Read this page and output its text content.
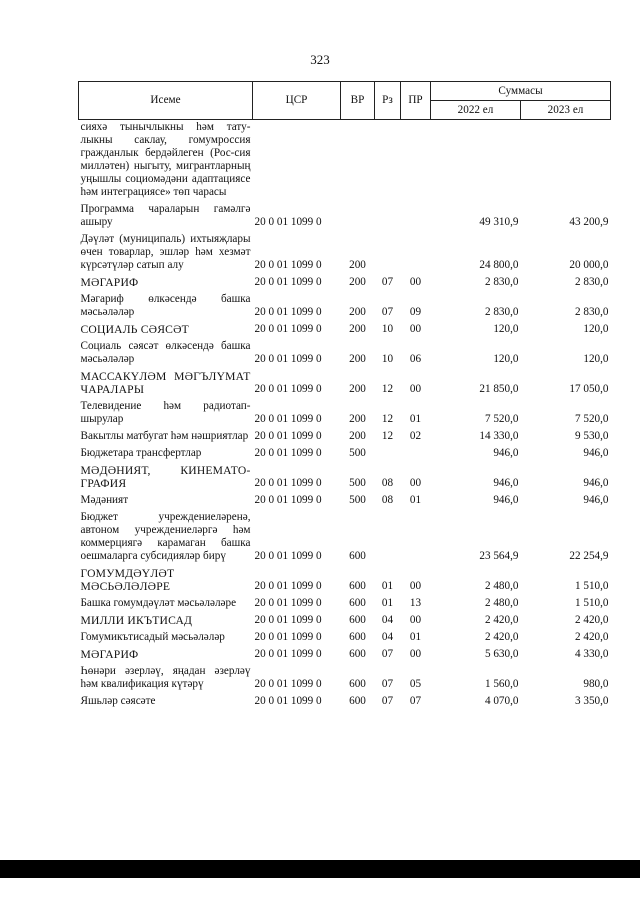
323
Исеме	ЦСР	ВР	Рз	ПР	Суммасы	
					2022 ел	2023 ел
сияхә тынычлыкны һәм тату-лыкны саклау, гомумроссия гражданлык бердәйлеген (Рос-сия милләтен) ныгыту, мигрантларның уңышлы социомәдәни адаптациясе һәм интеграциясе» төп чарасы						
Программа чараларын гамәлгә ашыру	20 0 01 1099 0				49 310,9	43 200,9
Дәүләт (муниципаль) ихтыяҗлары өчен товарлар, эшләр һәм хезмәт күрсәтүләр сатып алу	20 0 01 1099 0	200			24 800,0	20 000,0
МӘГАРИФ	20 0 01 1099 0	200	07	00	2 830,0	2 830,0
Мәгариф өлкәсендә башка мәсьәләләр	20 0 01 1099 0	200	07	09	2 830,0	2 830,0
СОЦИАЛЬ СӘЯСӘТ	20 0 01 1099 0	200	10	00	120,0	120,0
Социаль сәясәт өлкәсендә башка мәсьәләләр	20 0 01 1099 0	200	10	06	120,0	120,0
МАССАКҮЛӘМ МӘГЪЛҮМАТ ЧАРАЛАРЫ	20 0 01 1099 0	200	12	00	21 850,0	17 050,0
Телевидение һәм радиотап-шырулар	20 0 01 1099 0	200	12	01	7 520,0	7 520,0
Вакытлы матбугат һәм нәшриятлар	20 0 01 1099 0	200	12	02	14 330,0	9 530,0
Бюджетара трансфертлар	20 0 01 1099 0	500			946,0	946,0
МӘДӘНИЯТ, КИНЕМАТО-ГРАФИЯ	20 0 01 1099 0	500	08	00	946,0	946,0
Мәдәният	20 0 01 1099 0	500	08	01	946,0	946,0
Бюджет учреждениеләренә, автоном учреждениеләргә һәм коммерциягә карамаган башка оешмаларга субсидияләр бирү	20 0 01 1099 0	600			23 564,9	22 254,9
ГОМУМДӘҮЛӘТ МӘСЬӘЛӘЛӘРЕ	20 0 01 1099 0	600	01	00	2 480,0	1 510,0
Башка гомумдәүләт мәсьәләләре	20 0 01 1099 0	600	01	13	2 480,0	1 510,0
МИЛЛИ ИКЪТИСАД	20 0 01 1099 0	600	04	00	2 420,0	2 420,0
Гомумикътисадый мәсьәләләр	20 0 01 1099 0	600	04	01	2 420,0	2 420,0
МӘГАРИФ	20 0 01 1099 0	600	07	00	5 630,0	4 330,0
Һөнәри әзерләү, яңадан әзерләү һәм квалификация күтәрү	20 0 01 1099 0	600	07	05	1 560,0	980,0
Яшьләр сәясәте	20 0 01 1099 0	600	07	07	4 070,0	3 350,0
